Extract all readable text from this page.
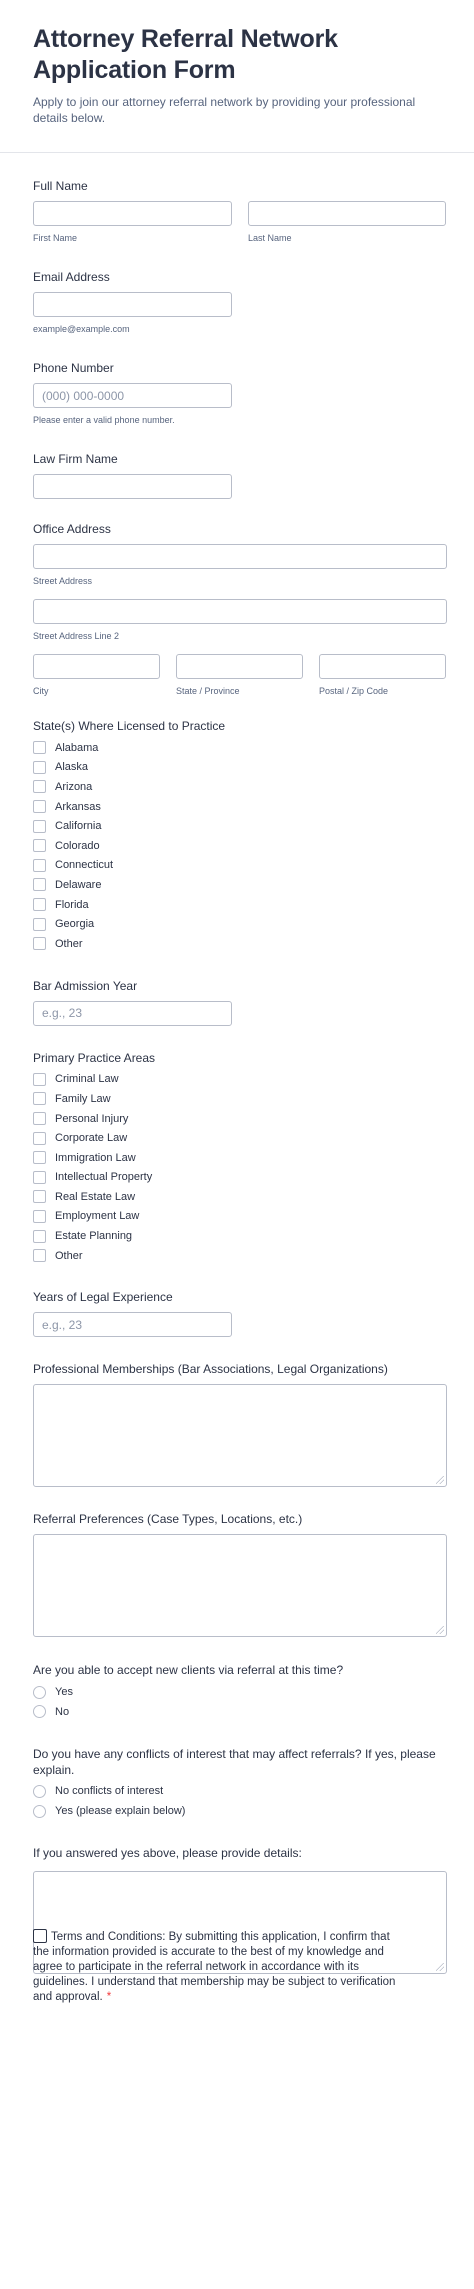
Attorney Referral Network Application Form

Apply to join our attorney referral network by providing your professional details below.

Full Name
First Name	Last Name
Email Address
example@example.com
Phone Number
(000) 000-0000
Please enter a valid phone number.
Law Firm Name
Office Address
Street Address
Street Address Line 2
City	State / Province	Postal / Zip Code
State(s) Where Licensed to Practice
Alabama
Alaska
Arizona
Arkansas
California
Colorado
Connecticut
Delaware
Florida
Georgia
Other
Bar Admission Year
e.g., 23
Primary Practice Areas
Criminal Law
Family Law
Personal Injury
Corporate Law
Immigration Law
Intellectual Property
Real Estate Law
Employment Law
Estate Planning
Other
Years of Legal Experience
e.g., 23
Professional Memberships (Bar Associations, Legal Organizations)
Referral Preferences (Case Types, Locations, etc.)
Are you able to accept new clients via referral at this time?
Yes
No
Do you have any conflicts of interest that may affect referrals? If yes, please explain.
No conflicts of interest
Yes (please explain below)
If you answered yes above, please provide details:
Terms and Conditions: By submitting this application, I confirm that the information provided is accurate to the best of my knowledge and agree to participate in the referral network in accordance with its guidelines. I understand that membership may be subject to verification and approval. *
